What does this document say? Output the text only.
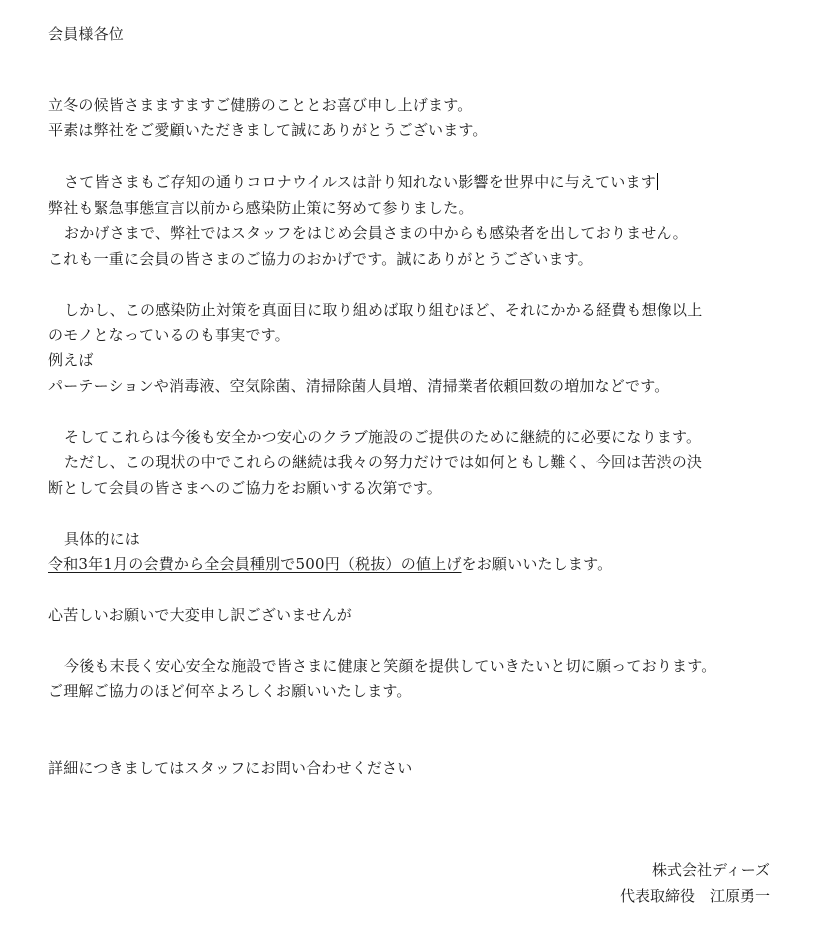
会員様各位
立冬の候皆さまますますご健勝のこととお喜び申し上げます。
平素は弊社をご愛顧いただきまして誠にありがとうございます。
さて皆さまもご存知の通りコロナウイルスは計り知れない影響を世界中に与えています
弊社も緊急事態宣言以前から感染防止策に努めて参りました。
おかげさまで、弊社ではスタッフをはじめ会員さまの中からも感染者を出しておりません。
これも一重に会員の皆さまのご協力のおかげです。誠にありがとうございます。
しかし、この感染防止対策を真面目に取り組めば取り組むほど、それにかかる経費も想像以上
のモノとなっているのも事実です。
例えば
パーテーションや消毒液、空気除菌、清掃除菌人員増、清掃業者依頼回数の増加などです。
そしてこれらは今後も安全かつ安心のクラブ施設のご提供のために継続的に必要になります。
ただし、この現状の中でこれらの継続は我々の努力だけでは如何ともし難く、今回は苦渋の決
断として会員の皆さまへのご協力をお願いする次第です。
具体的には
令和3年1月の会費から全会員種別で500円（税抜）の値上げをお願いいたします。
心苦しいお願いで大変申し訳ございませんが
今後も末長く安心安全な施設で皆さまに健康と笑顔を提供していきたいと切に願っております。
ご理解ご協力のほど何卒よろしくお願いいたします。
詳細につきましてはスタッフにお問い合わせください
株式会社ディーズ
代表取締役　江原勇一
